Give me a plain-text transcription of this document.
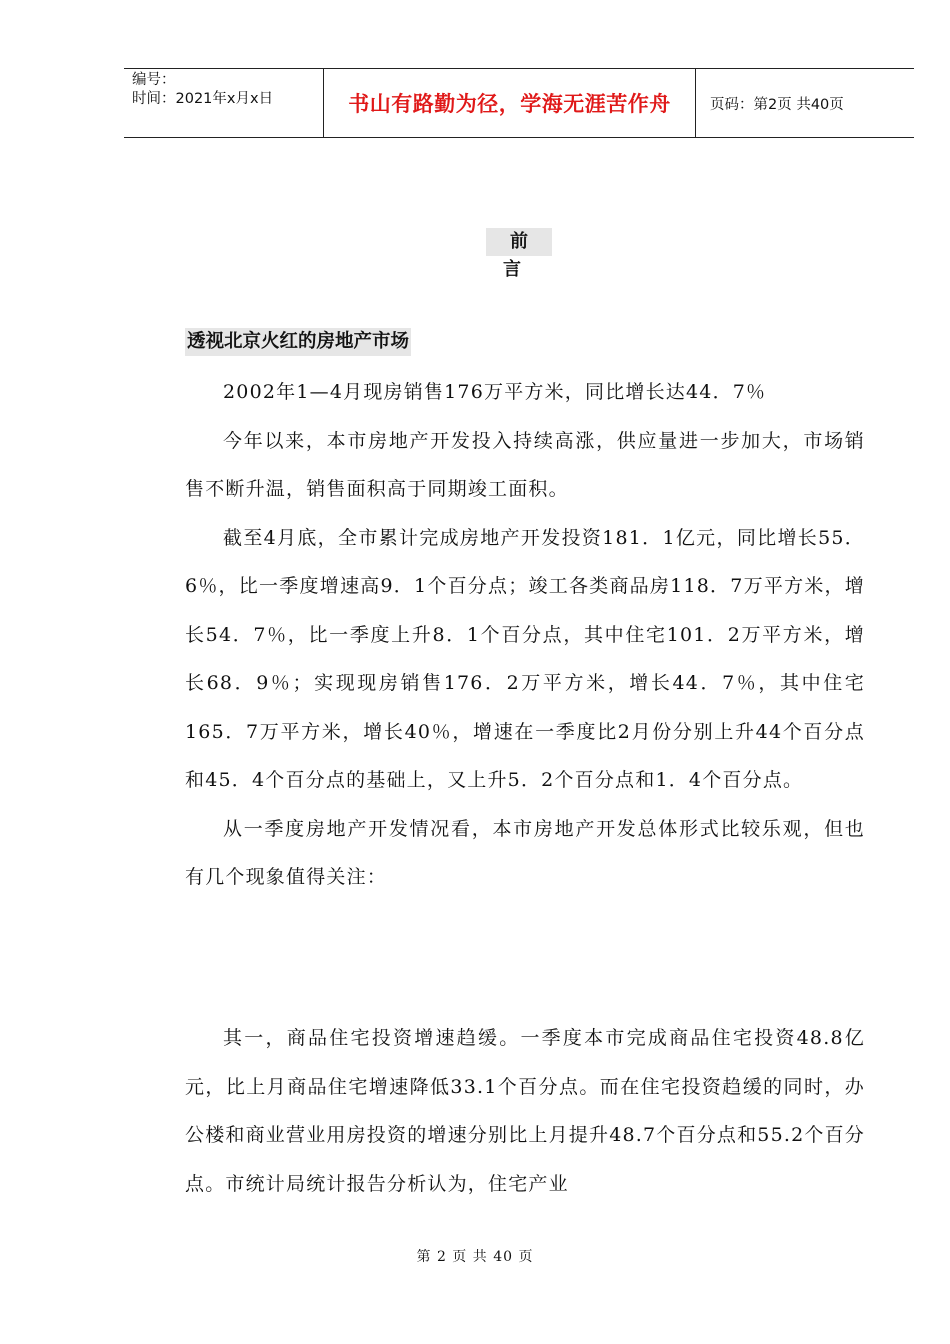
编号：
时间：2021年x月x日	书山有路勤为径，学海无涯苦作舟	页码：第2页 共40页
前言
透视北京火红的房地产市场

2002年1—4月现房销售176万平方米，同比增长达44．7％

今年以来，本市房地产开发投入持续高涨，供应量进一步加大，市场销售不断升温，销售面积高于同期竣工面积。

截至4月底，全市累计完成房地产开发投资181．1亿元，同比增长55．6％，比一季度增速高9．1个百分点；竣工各类商品房118．7万平方米，增长54．7％，比一季度上升8．1个百分点，其中住宅101．2万平方米，增长68．9％；实现现房销售176．2万平方米，增长44．7％，其中住宅165．7万平方米，增长40％，增速在一季度比2月份分别上升44个百分点和45．4个百分点的基础上，又上升5．2个百分点和1．4个百分点。

从一季度房地产开发情况看，本市房地产开发总体形式比较乐观，但也有几个现象值得关注：

其一，商品住宅投资增速趋缓。一季度本市完成商品住宅投资48.8亿元，比上月商品住宅增速降低33.1个百分点。而在住宅投资趋缓的同时，办公楼和商业营业用房投资的增速分别比上月提升48.7个百分点和55.2个百分点。市统计局统计报告分析认为，住宅产业

第 2 页 共 40 页
